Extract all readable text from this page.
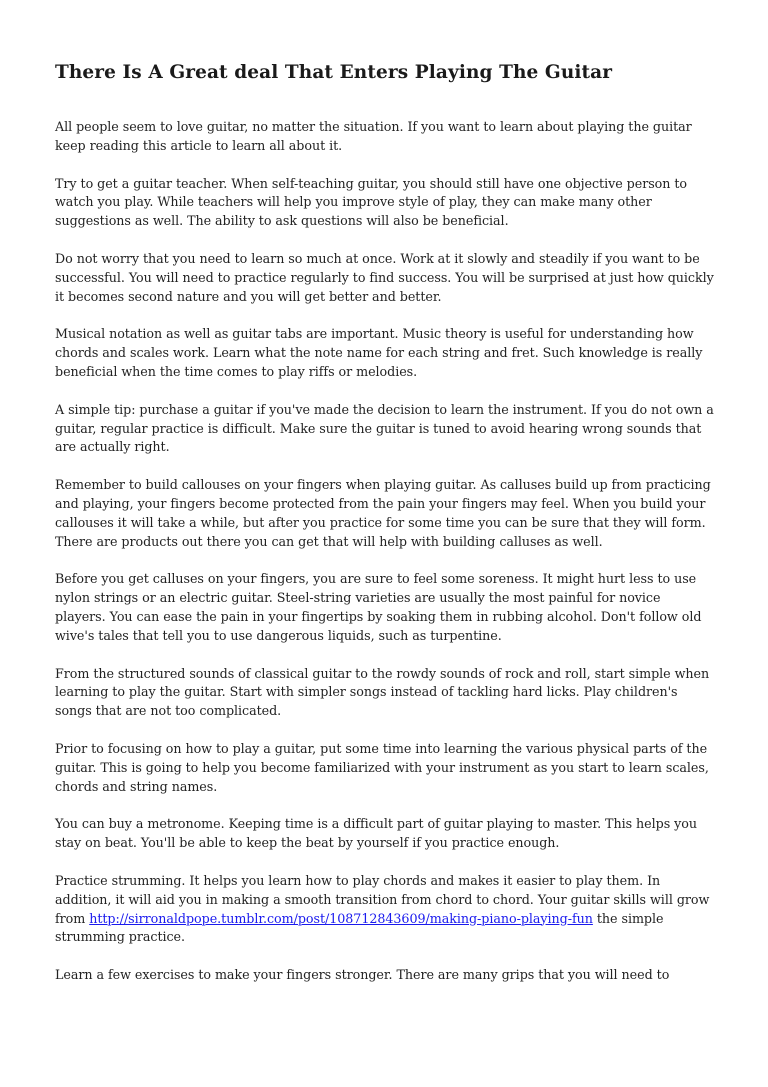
There Is A Great deal That Enters Playing The Guitar

All people seem to love guitar, no matter the situation. If you want to learn about playing the guitar keep reading this article to learn all about it.

Try to get a guitar teacher. When self-teaching guitar, you should still have one objective person to watch you play. While teachers will help you improve style of play, they can make many other suggestions as well. The ability to ask questions will also be beneficial.

Do not worry that you need to learn so much at once. Work at it slowly and steadily if you want to be successful. You will need to practice regularly to find success. You will be surprised at just how quickly it becomes second nature and you will get better and better.

Musical notation as well as guitar tabs are important. Music theory is useful for understanding how chords and scales work. Learn what the note name for each string and fret. Such knowledge is really beneficial when the time comes to play riffs or melodies.

A simple tip: purchase a guitar if you've made the decision to learn the instrument. If you do not own a guitar, regular practice is difficult. Make sure the guitar is tuned to avoid hearing wrong sounds that are actually right.

Remember to build callouses on your fingers when playing guitar. As calluses build up from practicing and playing, your fingers become protected from the pain your fingers may feel. When you build your callouses it will take a while, but after you practice for some time you can be sure that they will form. There are products out there you can get that will help with building calluses as well.

Before you get calluses on your fingers, you are sure to feel some soreness. It might hurt less to use nylon strings or an electric guitar. Steel-string varieties are usually the most painful for novice players. You can ease the pain in your fingertips by soaking them in rubbing alcohol. Don't follow old wive's tales that tell you to use dangerous liquids, such as turpentine.

From the structured sounds of classical guitar to the rowdy sounds of rock and roll, start simple when learning to play the guitar. Start with simpler songs instead of tackling hard licks. Play children's songs that are not too complicated.

Prior to focusing on how to play a guitar, put some time into learning the various physical parts of the guitar. This is going to help you become familiarized with your instrument as you start to learn scales, chords and string names.

You can buy a metronome. Keeping time is a difficult part of guitar playing to master. This helps you stay on beat. You'll be able to keep the beat by yourself if you practice enough.

Practice strumming. It helps you learn how to play chords and makes it easier to play them. In addition, it will aid you in making a smooth transition from chord to chord. Your guitar skills will grow from http://sirronaldpope.tumblr.com/post/108712843609/making-piano-playing-fun the simple strumming practice.

Learn a few exercises to make your fingers stronger. There are many grips that you will need to
